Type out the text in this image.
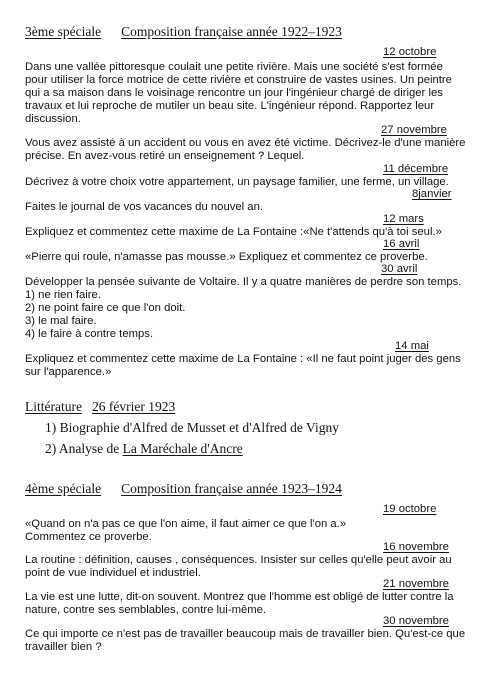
3ème spéciale Composition française année 1922–1923
12 octobre
Dans une vallée pittoresque coulait une petite rivière. Mais une société s'est formée
pour utiliser la force motrice de cette rivière et construire de vastes usines. Un peintre
qui a sa maison dans le voisinage rencontre un jour l'ingénieur chargé de diriger les
travaux et lui reproche de mutiler un beau site. L'ingénieur répond. Rapportez leur
discussion.
27 novembre
Vous avez assisté à un accident ou vous en avez été victime. Décrivez-le d'une manière
précise. En avez-vous retiré un enseignement ? Lequel.
11 décembre
Décrivez à votre choix votre appartement, un paysage familier, une ferme, un village.
8janvier
Faites le journal de vos vacances du nouvel an.
12 mars
Expliquez et commentez cette maxime de La Fontaine :«Ne t'attends qu'à toi seul.»
16 avril
«Pierre qui roule, n'amasse pas mousse.» Expliquez et commentez ce proverbe.
30 avril
Développer la pensée suivante de Voltaire. Il y a quatre manières de perdre son temps.
1) ne rien faire.
2) ne point faire ce que l'on doit.
3) le mal faire.
4) le faire à contre temps.
14 mai
Expliquez et commentez cette maxime de La Fontaine : «Il ne faut point juger des gens
sur l'apparence.»
Littérature 26 février 1923
1) Biographie d'Alfred de Musset et d'Alfred de Vigny
2) Analyse de La Maréchale d'Ancre
4ème spéciale Composition française année 1923–1924
19 octobre
«Quand on n'a pas ce que l'on aime, il faut aimer ce que l'on a.»
Commentez ce proverbe.
16 novembre
La routine : définition, causes , conséquences. Insister sur celles qu'elle peut avoir au
point de vue individuel et industriel.
21 novembre
La vie est une lutte, dit-on souvent. Montrez que l'homme est obligé de lutter contre la
nature, contre ses semblables, contre lui-même.
30 novembre
Ce qui importe ce n'est pas de travailler beaucoup mais de travailler bien. Qu'est-ce que
travailler bien ?
